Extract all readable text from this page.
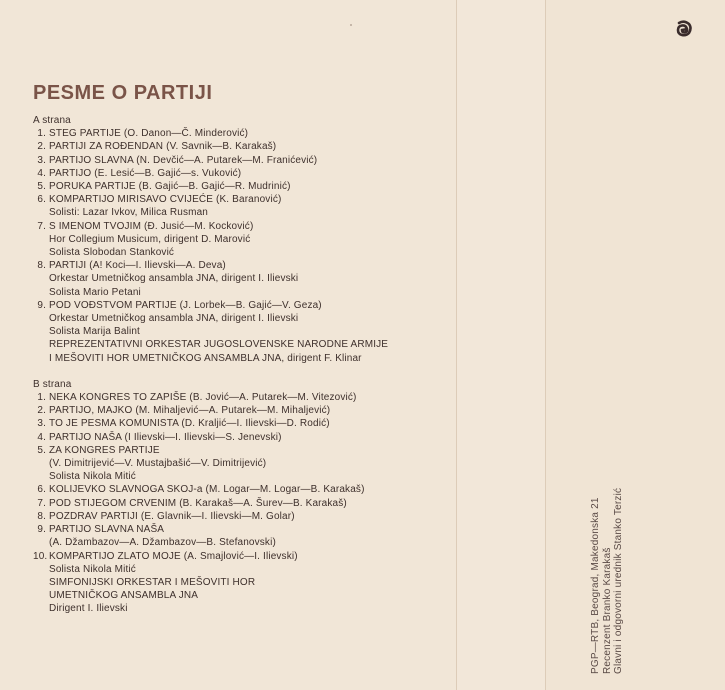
PESME O PARTIJI
A strana
1. STEG PARTIJE (O. Danon—Č. Minderović)
2. PARTIJI ZA ROĐENDAN (V. Savnik—B. Karakaš)
3. PARTIJO SLAVNA (N. Devčić—A. Putarek—M. Franićević)
4. PARTIJO (E. Lesić—B. Gajić—s. Vuković)
5. PORUKA PARTIJE (B. Gajić—B. Gajić—R. Mudrinić)
6. KOMPARTIJO MIRISAVO CVIJEĆE (K. Baranović)
Solisti: Lazar Ivkov, Milica Rusman
7. S IMENOM TVOJIM (Đ. Jusić—M. Kocković)
Hor Collegium Musicum, dirigent D. Marović
Solista Slobodan Stanković
8. PARTIJI (A! Koci—I. Ilievski—A. Deva)
Orkestar Umetničkog ansambla JNA, dirigent I. Ilievski
Solista Mario Petani
9. POD VOĐSTVOM PARTIJE (J. Lorbek—B. Gajić—V. Geza)
Orkestar Umetničkog ansambla JNA, dirigent I. Ilievski
Solista Marija Balint
REPREZENTATIVNI ORKESTAR JUGOSLOVENSKE NARODNE ARMIJE
I MEŠOVITI HOR UMETNIČKOG ANSAMBLA JNA, dirigent F. Klinar
B strana
1. NEKA KONGRES TO ZAPIŠE (B. Jović—A. Putarek—M. Vitezović)
2. PARTIJO, MAJKO (M. Mihaljević—A. Putarek—M. Mihaljević)
3. TO JE PESMA KOMUNISTA (D. Kraljić—I. Ilievski—D. Rodić)
4. PARTIJO NAŠA (I Ilievski—I. Ilievski—S. Jenevski)
5. ZA KONGRES PARTIJE
(V. Dimitrijević—V. Mustajbašić—V. Dimitrijević)
Solista Nikola Mitić
6. KOLIJEVKO SLAVNOGA SKOJ-a (M. Logar—M. Logar—B. Karakaš)
7. POD STIJEGOM CRVENIM (B. Karakaš—A. Šurev—B. Karakaš)
8. POZDRAV PARTIJI (E. Glavnik—I. Ilievski—M. Golar)
9. PARTIJO SLAVNA NAŠA
(A. Džambazov—A. Džambazov—B. Stefanovski)
10. KOMPARTIJO ZLATO MOJE (A. Smajlović—I. Ilievski)
Solista Nikola Mitić
SIMFONIJSKI ORKESTAR I MEŠOVITI HOR
UMETNIČKOG ANSAMBLA JNA
Dirigent I. Ilievski	PGP—RTB, Beograd, Makedonska 21 Recenzent Branko Karakaš Glavni i odgovorni urednik Stanko Terzić
